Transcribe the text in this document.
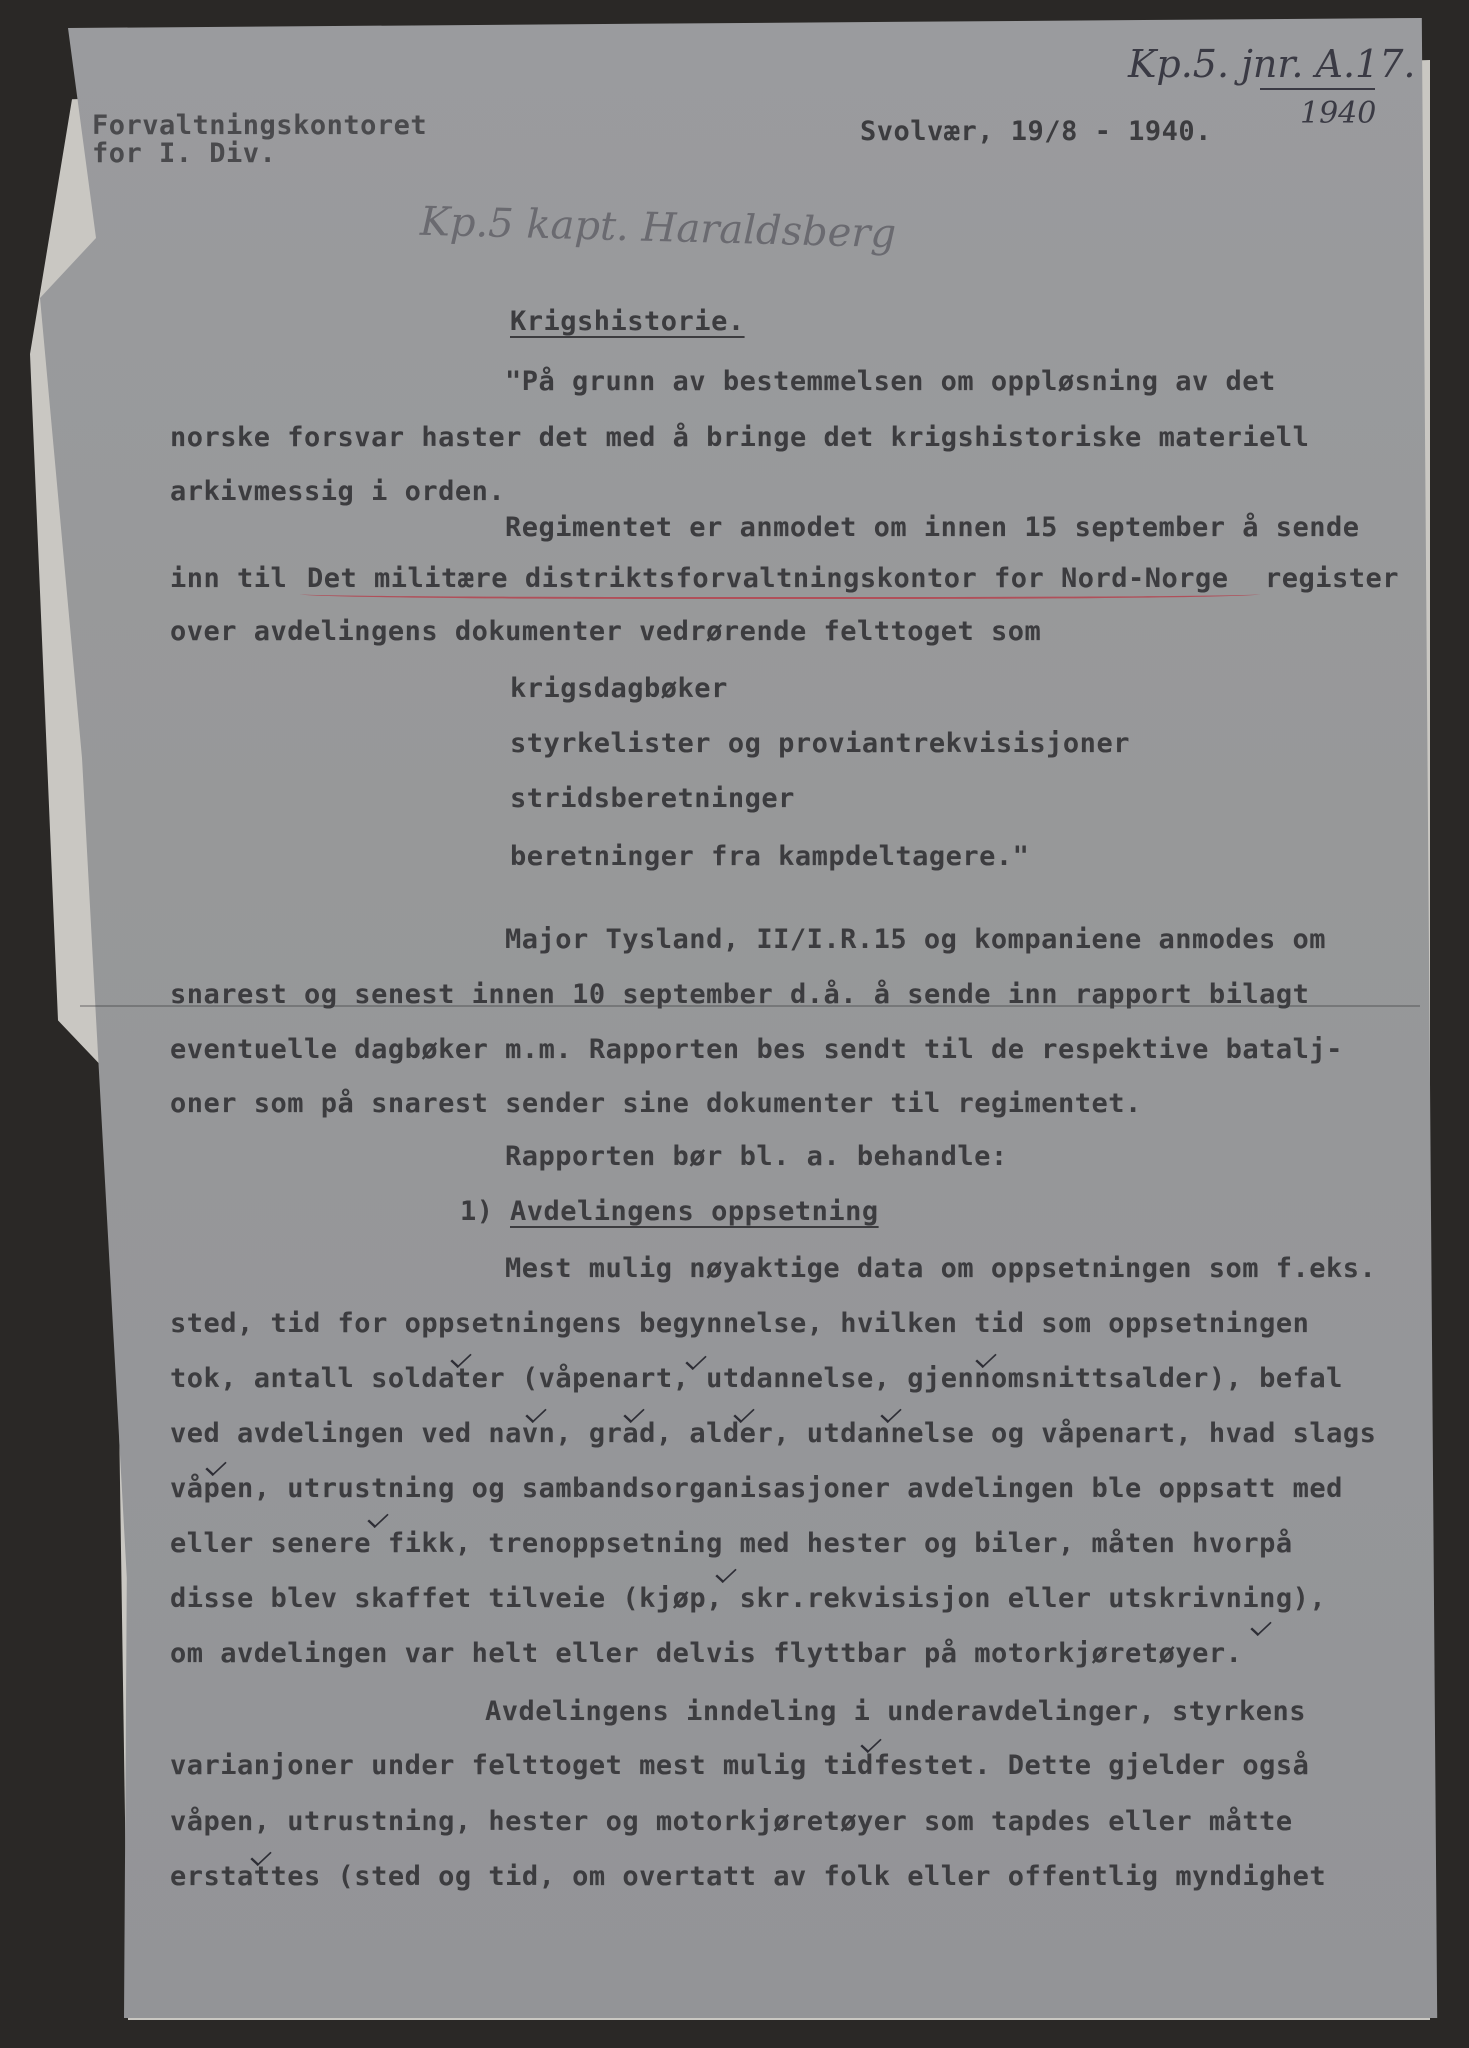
Forvaltningskontoret
for I. Div.
Svolvær, 19/8 - 1940.
Kp.5. jnr. A.17.
1940
Kp.5 kapt. Haraldsberg
Krigshistorie.
"På grunn av bestemmelsen om oppløsning av det
norske forsvar haster det med å bringe det krigshistoriske materiell
arkivmessig i orden.
Regimentet er anmodet om innen 15 september å sende
inn til Det militære distriktsforvaltningskontor for Nord-Norge register
over avdelingens dokumenter vedrørende felttoget som
krigsdagbøker
styrkelister og proviantrekvisisjoner
stridsberetninger
beretninger fra kampdeltagere."
Major Tysland, II/I.R.15 og kompaniene anmodes om
snarest og senest innen 10 september d.å. å sende inn rapport bilagt
eventuelle dagbøker m.m. Rapporten bes sendt til de respektive batalj-
oner som på snarest sender sine dokumenter til regimentet.
Rapporten bør bl. a. behandle:
1) Avdelingens oppsetning
Mest mulig nøyaktige data om oppsetningen som f.eks.
sted, tid for oppsetningens begynnelse, hvilken tid som oppsetningen
tok, antall soldater (våpenart, utdannelse, gjennomsnittsalder), befal
ved avdelingen ved navn, grad, alder, utdannelse og våpenart, hvad slags
våpen, utrustning og sambandsorganisasjoner avdelingen ble oppsatt med
eller senere fikk, trenoppsetning med hester og biler, måten hvorpå
disse blev skaffet tilveie (kjøp, skr.rekvisisjon eller utskrivning),
om avdelingen var helt eller delvis flyttbar på motorkjøretøyer.
Avdelingens inndeling i underavdelinger, styrkens
varianjoner under felttoget mest mulig tidfestet. Dette gjelder også
våpen, utrustning, hester og motorkjøretøyer som tapdes eller måtte
erstattes (sted og tid, om overtatt av folk eller offentlig myndighet
